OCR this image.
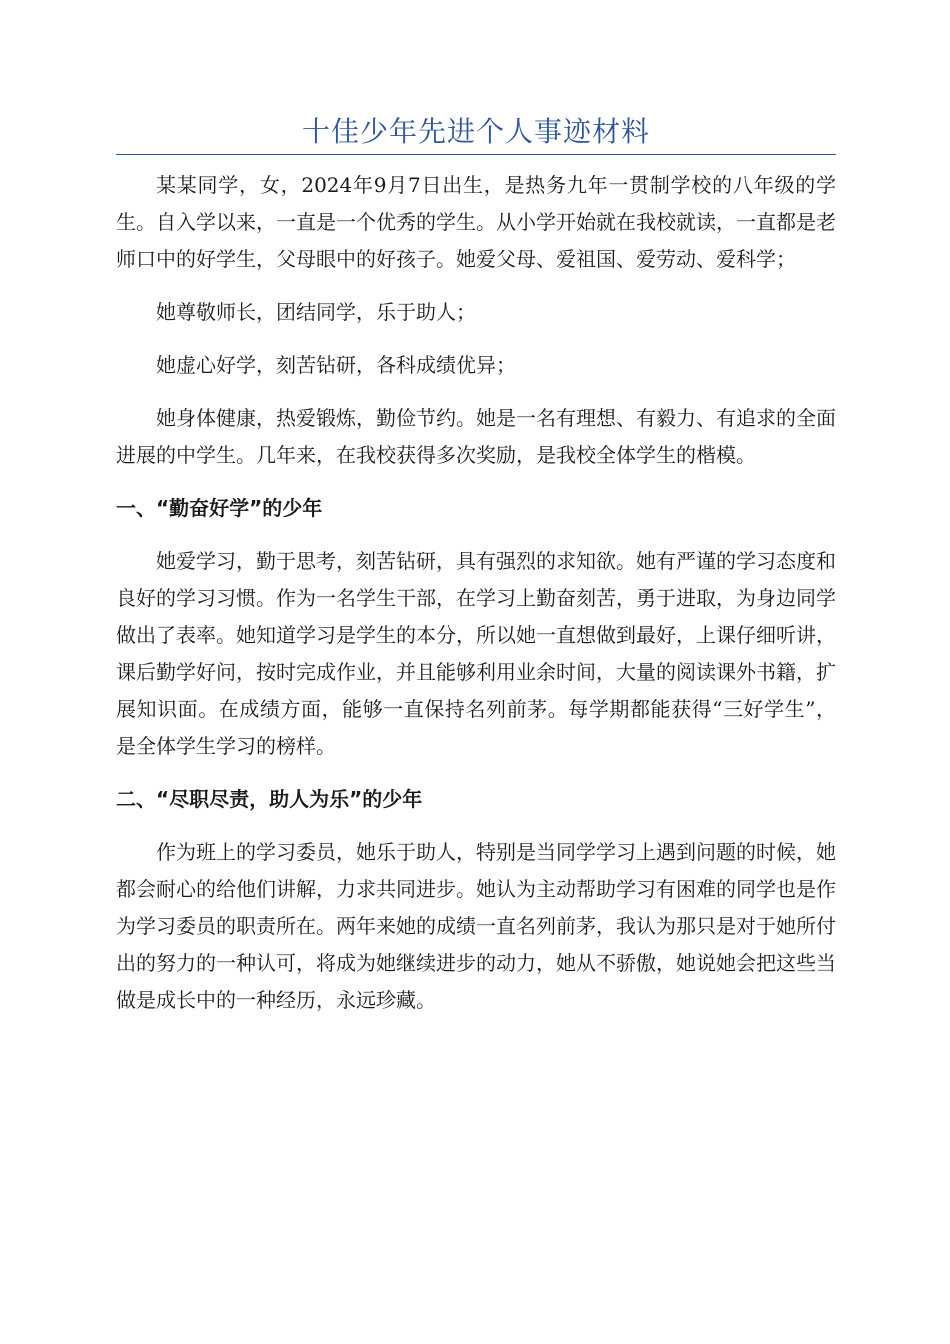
十佳少年先进个人事迹材料

某某同学，女，2024年9月7日出生，是热务九年一贯制学校的八年级的学生。自入学以来，一直是一个优秀的学生。从小学开始就在我校就读，一直都是老师口中的好学生，父母眼中的好孩子。她爱父母、爱祖国、爱劳动、爱科学；

她尊敬师长，团结同学，乐于助人；

她虚心好学，刻苦钻研，各科成绩优异；

她身体健康，热爱锻炼，勤俭节约。她是一名有理想、有毅力、有追求的全面进展的中学生。几年来，在我校获得多次奖励，是我校全体学生的楷模。

一、“勤奋好学”的少年

她爱学习，勤于思考，刻苦钻研，具有强烈的求知欲。她有严谨的学习态度和良好的学习习惯。作为一名学生干部，在学习上勤奋刻苦，勇于进取，为身边同学做出了表率。她知道学习是学生的本分，所以她一直想做到最好，上课仔细听讲，课后勤学好问，按时完成作业，并且能够利用业余时间，大量的阅读课外书籍，扩展知识面。在成绩方面，能够一直保持名列前茅。每学期都能获得“三好学生”，是全体学生学习的榜样。

二、“尽职尽责，助人为乐”的少年

作为班上的学习委员，她乐于助人，特别是当同学学习上遇到问题的时候，她都会耐心的给他们讲解，力求共同进步。她认为主动帮助学习有困难的同学也是作为学习委员的职责所在。两年来她的成绩一直名列前茅，我认为那只是对于她所付出的努力的一种认可，将成为她继续进步的动力，她从不骄傲，她说她会把这些当做是成长中的一种经历，永远珍藏。
